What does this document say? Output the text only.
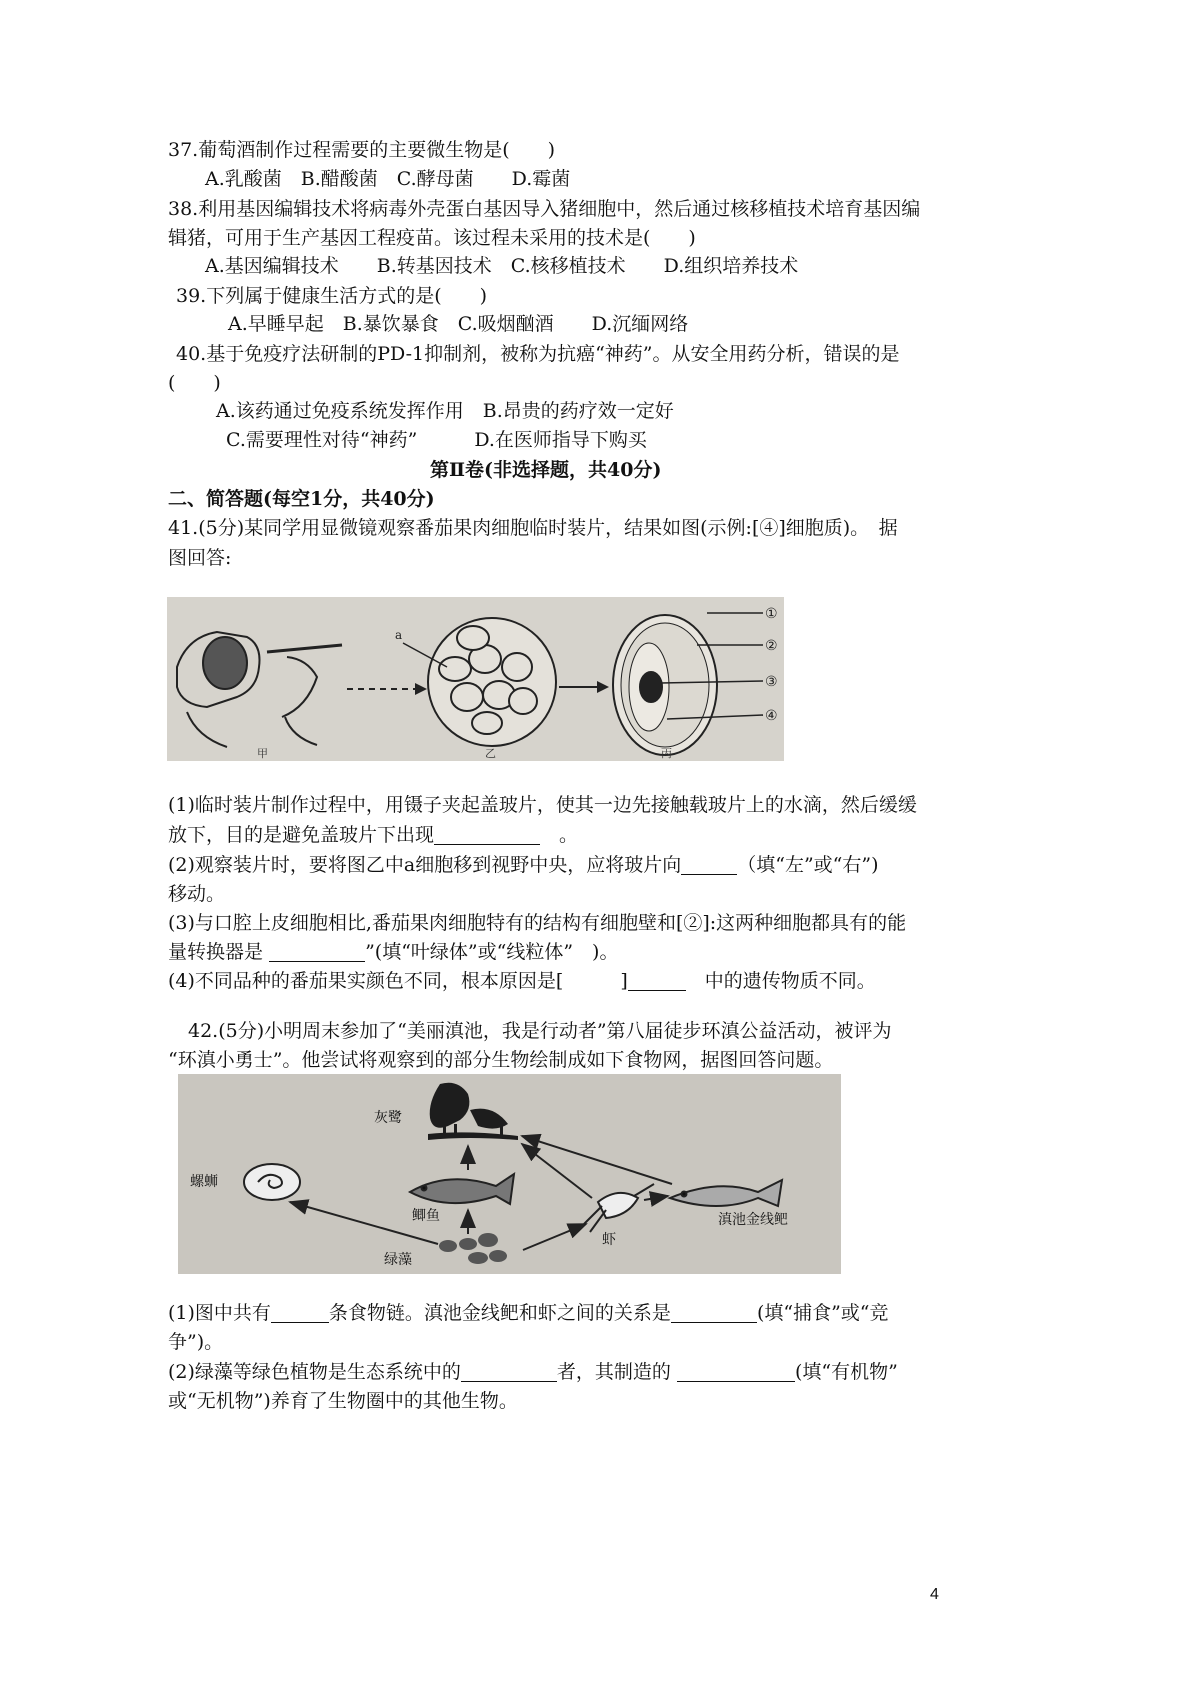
37.葡萄酒制作过程需要的主要微生物是(　　)
A.乳酸菌　B.醋酸菌　C.酵母菌　　D.霉菌
38.利用基因编辑技术将病毒外壳蛋白基因导入猪细胞中，然后通过核移植技术培育基因编
辑猪，可用于生产基因工程疫苗。该过程未采用的技术是(　　)
A.基因编辑技术　　B.转基因技术　C.核移植技术　　D.组织培养技术
39.下列属于健康生活方式的是(　　)
A.早睡早起　B.暴饮暴食　C.吸烟酗酒　　D.沉缅网络
40.基于免疫疗法研制的PD-1抑制剂，被称为抗癌“神药”。从安全用药分析，错误的是
(　　)
A.该药通过免疫系统发挥作用　B.昂贵的药疗效一定好
C.需要理性对待“神药”　　　D.在医师指导下购买
第Ⅱ卷(非选择题，共40分)
二、简答题(每空1分，共40分)
41.(5分)某同学用显微镜观察番茄果肉细胞临时装片，结果如图(示例:[④]细胞质)。　据
图回答:
a
①
②
③
④
甲	乙	丙
(1)临时装片制作过程中，用镊子夹起盖玻片，使其一边先接触载玻片上的水滴，然后缓缓
放下，目的是避免盖玻片下出现　	。
(2)观察装片时，要将图乙中a细胞移到视野中央，应将玻片向	（填“左”或“右”)
移动。
(3)与口腔上皮细胞相比,番茄果肉细胞特有的结构有细胞壁和[②]:这两种细胞都具有的能
量转换器是	”(填“叶绿体”或“线粒体”　)。
(4)不同品种的番茄果实颜色不同，根本原因是[　　　]　	中的遗传物质不同。
42.(5分)小明周末参加了“美丽滇池，我是行动者”第八届徒步环滇公益活动，被评为
“环滇小勇士”。他尝试将观察到的部分生物绘制成如下食物网，据图回答问题。
灰鹭
螺蛳
鲫鱼
虾
滇池金线鲃
绿藻
(1)图中共有	条食物链。滇池金线鲃和虾之间的关系是	(填“捕食”或“竞
争”)。
(2)绿藻等绿色植物是生态系统中的	者，其制造的	(填“有机物”
或“无机物”)养育了生物圈中的其他生物。
4
